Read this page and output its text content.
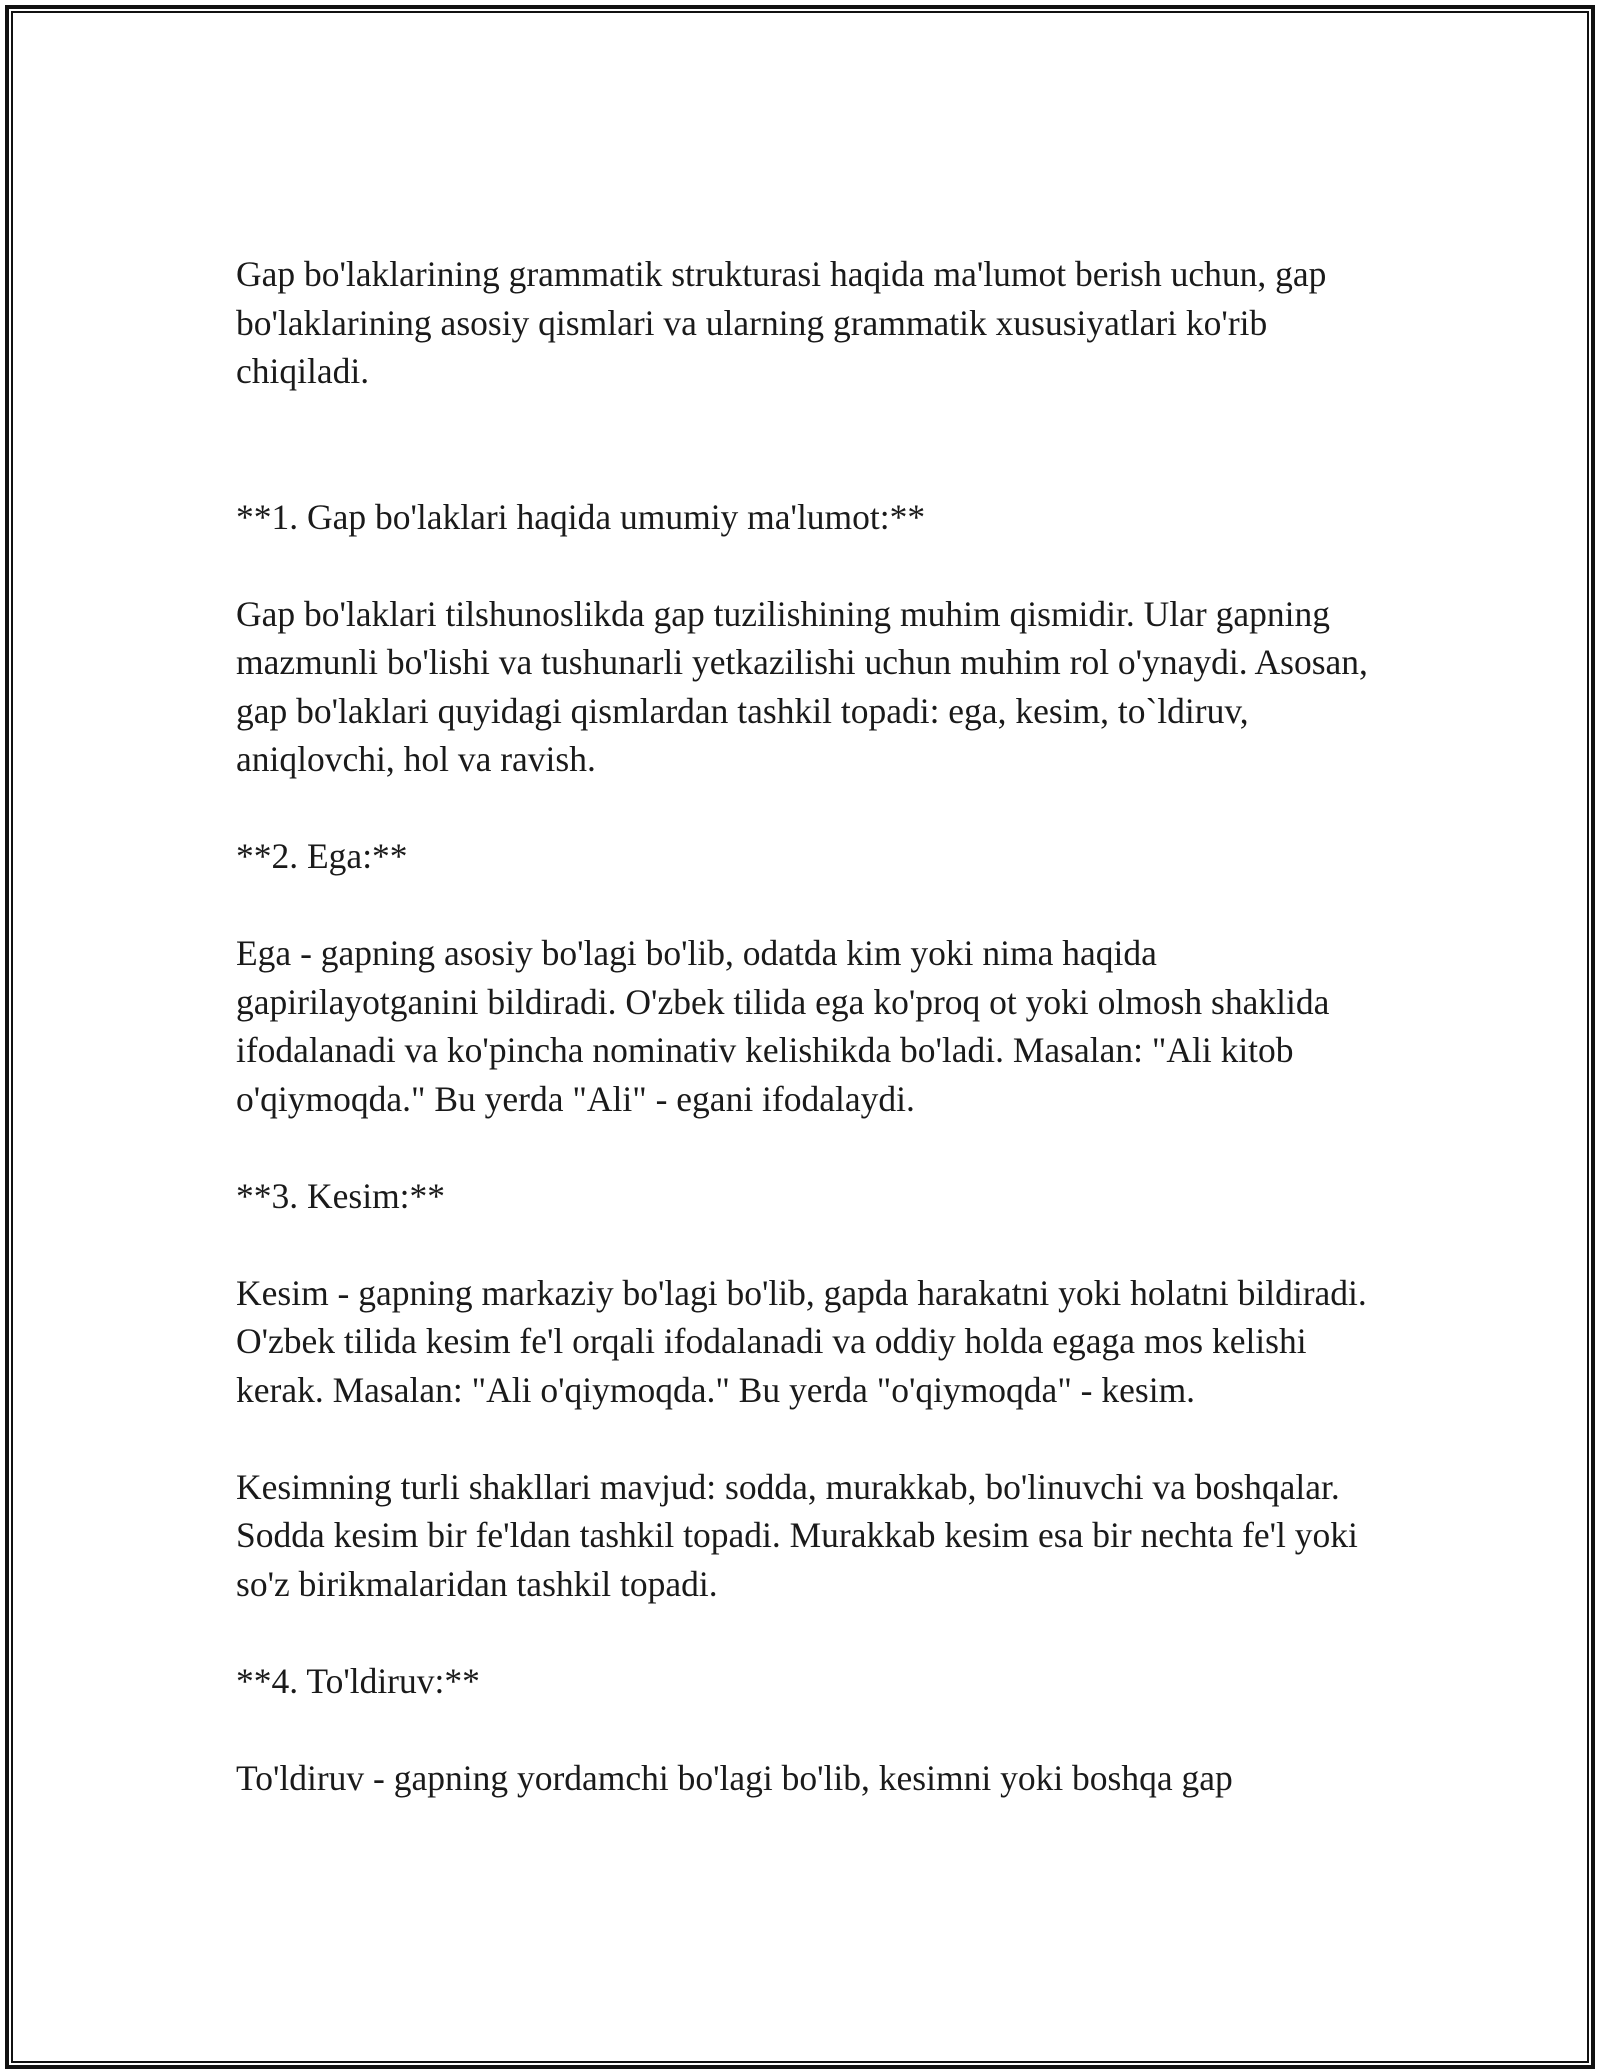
Gap bo'laklarining grammatik strukturasi haqida ma'lumot berish uchun, gap bo'laklarining asosiy qismlari va ularning grammatik xususiyatlari ko'rib chiqiladi.

**1. Gap bo'laklari haqida umumiy ma'lumot:**

Gap bo'laklari tilshunoslikda gap tuzilishining muhim qismidir. Ular gapning mazmunli bo'lishi va tushunarli yetkazilishi uchun muhim rol o'ynaydi. Asosan, gap bo'laklari quyidagi qismlardan tashkil topadi: ega, kesim, to`ldiruv, aniqlovchi, hol va ravish.

**2. Ega:**

Ega - gapning asosiy bo'lagi bo'lib, odatda kim yoki nima haqida gapirilayotganini bildiradi. O'zbek tilida ega ko'proq ot yoki olmosh shaklida ifodalanadi va ko'pincha nominativ kelishikda bo'ladi. Masalan: "Ali kitob o'qiymoqda." Bu yerda "Ali" - egani ifodalaydi.

**3. Kesim:**

Kesim - gapning markaziy bo'lagi bo'lib, gapda harakatni yoki holatni bildiradi. O'zbek tilida kesim fe'l orqali ifodalanadi va oddiy holda egaga mos kelishi kerak. Masalan: "Ali o'qiymoqda." Bu yerda "o'qiymoqda" - kesim.

Kesimning turli shakllari mavjud: sodda, murakkab, bo'linuvchi va boshqalar. Sodda kesim bir fe'ldan tashkil topadi. Murakkab kesim esa bir nechta fe'l yoki so'z birikmalaridan tashkil topadi.

**4. To'ldiruv:**

To'ldiruv - gapning yordamchi bo'lagi bo'lib, kesimni yoki boshqa gap
